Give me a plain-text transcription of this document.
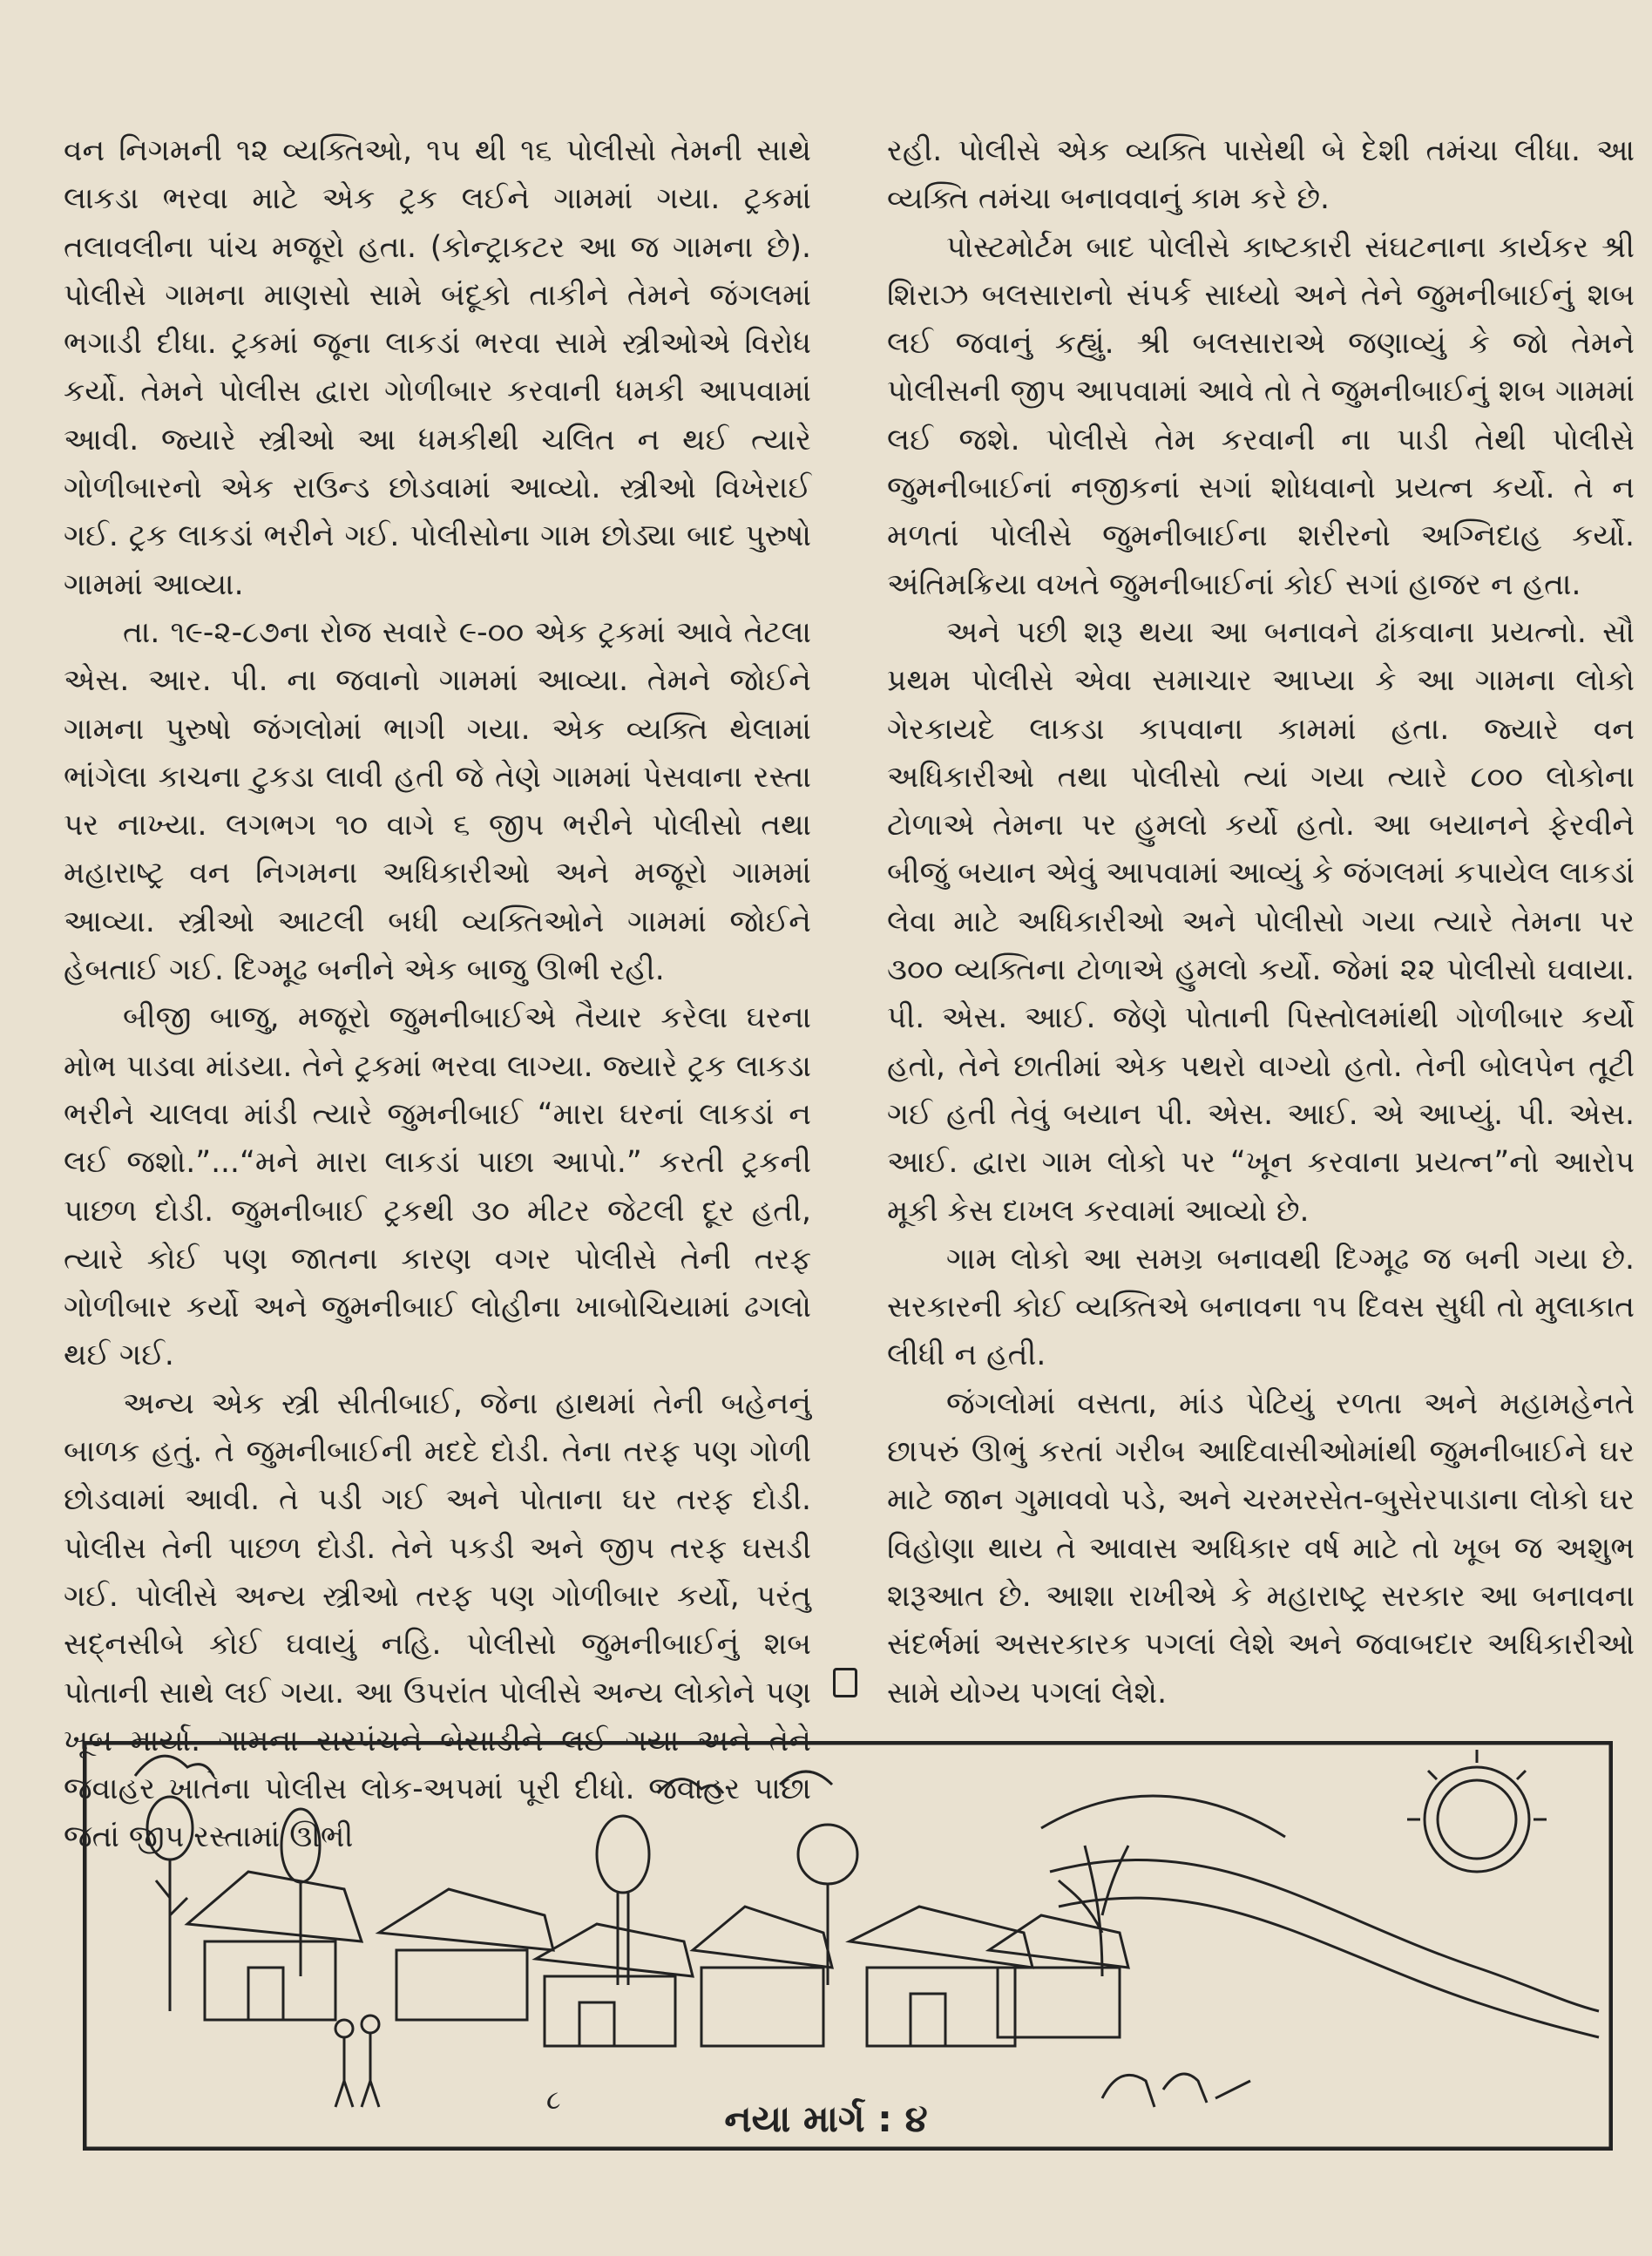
વન નિગમની ૧૨ વ્યક્તિઓ, ૧૫ થી ૧૬ પોલીસો તેમની સાથે લાકડા ભરવા માટે એક ટ્રક લઈને ગામમાં ગયા. ટ્રકમાં તલાવલીના પાંચ મજૂરો હતા. (કોન્ટ્રાકટર આ જ ગામના છે). પોલીસે ગામના માણસો સામે બંદૂકો તાકીને તેમને જંગલમાં ભગાડી દીધા. ટ્રકમાં જૂના લાકડાં ભરવા સામે સ્ત્રીઓએ વિરોધ કર્યો. તેમને પોલીસ દ્વારા ગોળીબાર કરવાની ધમકી આપવામાં આવી. જ્યારે સ્ત્રીઓ આ ધમકીથી ચલિત ન થઈ ત્યારે ગોળીબારનો એક રાઉન્ડ છોડવામાં આવ્યો. સ્ત્રીઓ વિખેરાઈ ગઈ. ટ્રક લાકડાં ભરીને ગઈ. પોલીસોના ગામ છોડ્યા બાદ પુરુષો ગામમાં આવ્યા.

તા. ૧૯-૨-૮૭ના રોજ સવારે ૯-૦૦ એક ટ્રકમાં આવે તેટલા એસ. આર. પી. ના જવાનો ગામમાં આવ્યા. તેમને જોઈને ગામના પુરુષો જંગલોમાં ભાગી ગયા. એક વ્યક્તિ થેલામાં ભાંગેલા કાચના ટુકડા લાવી હતી જે તેણે ગામમાં પેસવાના રસ્તા પર નાખ્યા. લગભગ ૧૦ વાગે ૬ જીપ ભરીને પોલીસો તથા મહારાષ્ટ્ર વન નિગમના અધિકારીઓ અને મજૂરો ગામમાં આવ્યા. સ્ત્રીઓ આટલી બધી વ્યક્તિઓને ગામમાં જોઈને હેબતાઈ ગઈ. દિગ્મૂઢ બનીને એક બાજુ ઊભી રહી.

બીજી બાજુ, મજૂરો જુમનીબાઈએ તૈયાર કરેલા ઘરના મોભ પાડવા માંડયા. તેને ટ્રકમાં ભરવા લાગ્યા. જ્યારે ટ્રક લાકડા ભરીને ચાલવા માંડી ત્યારે જુમનીબાઈ “મારા ઘરનાં લાકડાં ન લઈ જશો.”...“મને મારા લાકડાં પાછા આપો.” કરતી ટ્રકની પાછળ દોડી. જુમનીબાઈ ટ્રકથી ૩૦ મીટર જેટલી દૂર હતી, ત્યારે કોઈ પણ જાતના કારણ વગર પોલીસે તેની તરફ ગોળીબાર કર્યો અને જુમનીબાઈ લોહીના ખાબોચિયામાં ઢગલો થઈ ગઈ.

અન્ય એક સ્ત્રી સીતીબાઈ, જેના હાથમાં તેની બહેનનું બાળક હતું. તે જુમનીબાઈની મદદે દોડી. તેના તરફ પણ ગોળી છોડવામાં આવી. તે પડી ગઈ અને પોતાના ઘર તરફ દોડી. પોલીસ તેની પાછળ દોડી. તેને પકડી અને જીપ તરફ ઘસડી ગઈ. પોલીસે અન્ય સ્ત્રીઓ તરફ પણ ગોળીબાર કર્યો, પરંતુ સદ્નસીબે કોઈ ઘવાયું નહિ. પોલીસો જુમનીબાઈનું શબ પોતાની સાથે લઈ ગયા. આ ઉપરાંત પોલીસે અન્ય લોકોને પણ ખૂબ માર્યા. ગામના સરપંચને બેસાડીને લઈ ગયા અને તેને જવાહર ખાતેના પોલીસ લોક-અપમાં પૂરી દીધો. જવાહર પાછા જતાં જીપ રસ્તામાં ઊભી

રહી. પોલીસે એક વ્યક્તિ પાસેથી બે દેશી તમંચા લીધા. આ વ્યક્તિ તમંચા બનાવવાનું કામ કરે છે.

પોસ્ટમોર્ટમ બાદ પોલીસે કાષ્ટકારી સંઘટનાના કાર્યકર શ્રી શિરાઝ બલસારાનો સંપર્ક સાધ્યો અને તેને જુમનીબાઈનું શબ લઈ જવાનું કહ્યું. શ્રી બલસારાએ જણાવ્યું કે જો તેમને પોલીસની જીપ આપવામાં આવે તો તે જુમનીબાઈનું શબ ગામમાં લઈ જશે. પોલીસે તેમ કરવાની ના પાડી તેથી પોલીસે જુમનીબાઈનાં નજીકનાં સગાં શોધવાનો પ્રયત્ન કર્યો. તે ન મળતાં પોલીસે જુમનીબાઈના શરીરનો અગ્નિદાહ કર્યો. અંતિમક્રિયા વખતે જુમનીબાઈનાં કોઈ સગાં હાજર ન હતા.

અને પછી શરૂ થયા આ બનાવને ઢાંકવાના પ્રયત્નો. સૌ પ્રથમ પોલીસે એવા સમાચાર આપ્યા કે આ ગામના લોકો ગેરકાયદે લાકડા કાપવાના કામમાં હતા. જ્યારે વન અધિકારીઓ તથા પોલીસો ત્યાં ગયા ત્યારે ૮૦૦ લોકોના ટોળાએ તેમના પર હુમલો કર્યો હતો. આ બયાનને ફેરવીને બીજું બયાન એવું આપવામાં આવ્યું કે જંગલમાં કપાયેલ લાકડાં લેવા માટે અધિકારીઓ અને પોલીસો ગયા ત્યારે તેમના પર ૩૦૦ વ્યક્તિના ટોળાએ હુમલો કર્યો. જેમાં ૨૨ પોલીસો ઘવાયા. પી. એસ. આઈ. જેણે પોતાની પિસ્તોલમાંથી ગોળીબાર કર્યો હતો, તેને છાતીમાં એક પથરો વાગ્યો હતો. તેની બોલપેન તૂટી ગઈ હતી તેવું બયાન પી. એસ. આઈ. એ આપ્યું. પી. એસ. આઈ. દ્વારા ગામ લોકો પર “ખૂન કરવાના પ્રયત્ન”નો આરોપ મૂકી કેસ દાખલ કરવામાં આવ્યો છે.

ગામ લોકો આ સમગ્ર બનાવથી દિગ્મૂઢ જ બની ગયા છે. સરકારની કોઈ વ્યક્તિએ બનાવના ૧૫ દિવસ સુધી તો મુલાકાત લીધી ન હતી.

જંગલોમાં વસતા, માંડ પેટિયું રળતા અને મહામહેનતે છાપરું ઊભું કરતાં ગરીબ આદિવાસીઓમાંથી જુમનીબાઈને ઘર માટે જાન ગુમાવવો પડે, અને ચરમરસેત-બુસેરપાડાના લોકો ઘર વિહોણા થાય તે આવાસ અધિકાર વર્ષ માટે તો ખૂબ જ અશુભ શરૂઆત છે. આશા રાખીએ કે મહારાષ્ટ્ર સરકાર આ બનાવના સંદર્ભમાં અસરકારક પગલાં લેશે અને જવાબદાર અધિકારીઓ સામે યોગ્ય પગલાં લેશે.

૮	નયા માર્ગ : ૪
